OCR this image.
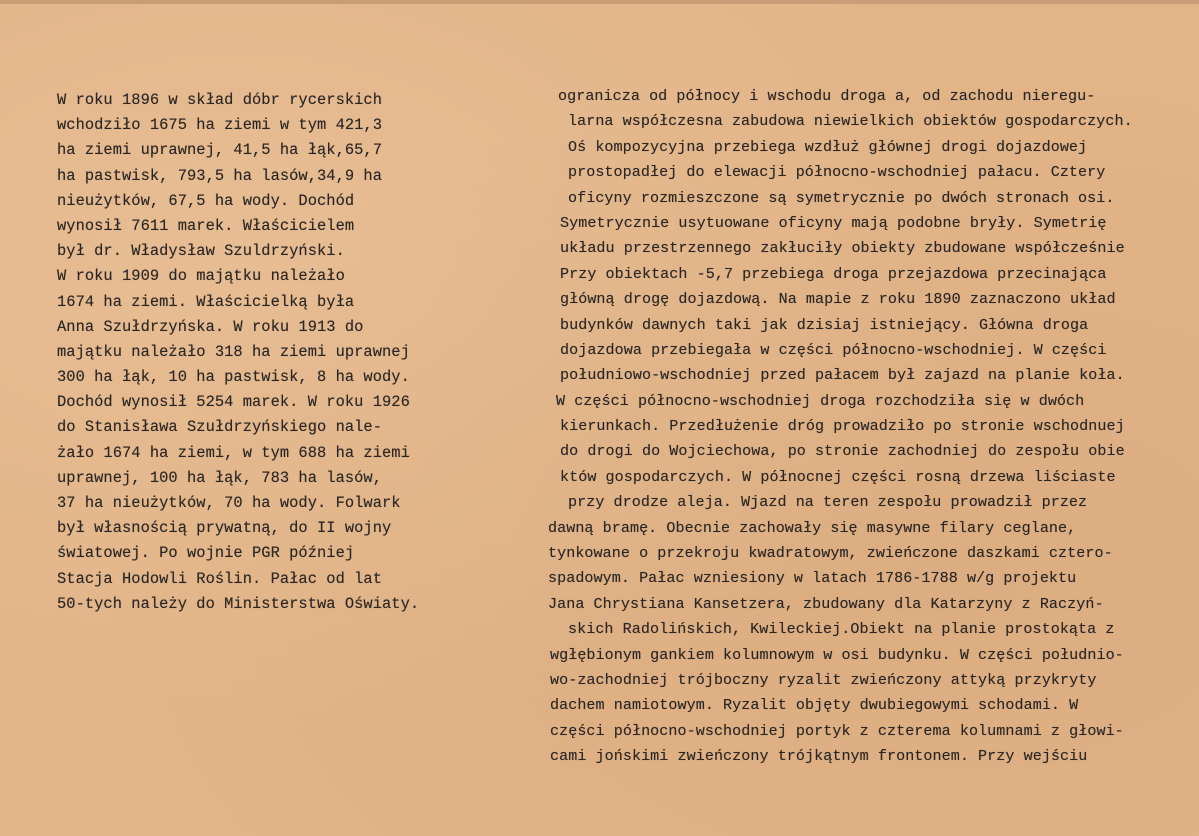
W roku 1896 w skład dóbr rycerskich
wchodziło 1675 ha ziemi w tym 421,3
ha ziemi uprawnej, 41,5 ha łąk,65,7
ha pastwisk, 793,5 ha lasów,34,9 ha
nieużytków, 67,5 ha wody. Dochód
wynosił 7611 marek. Właścicielem
był dr. Władysław Szuldrzyński.
W roku 1909 do majątku należało
1674 ha ziemi. Właścicielką była
Anna Szułdrzyńska. W roku 1913 do
majątku należało 318 ha ziemi uprawnej
300 ha łąk, 10 ha pastwisk, 8 ha wody.
Dochód wynosił 5254 marek. W roku 1926
do Stanisława Szułdrzyńskiego nale-
żało 1674 ha ziemi, w tym 688 ha ziemi
uprawnej, 100 ha łąk, 783 ha lasów,
37 ha nieużytków, 70 ha wody. Folwark
był własnością prywatną, do II wojny
światowej. Po wojnie PGR później
Stacja Hodowli Roślin. Pałac od lat
50-tych należy do Ministerstwa Oświaty.
ogranicza od północy i wschodu droga a, od zachodu nieregu-
larna współczesna zabudowa niewielkich obiektów gospodarczych.
Oś kompozycyjna przebiega wzdłuż głównej drogi dojazdowej
prostopadłej do elewacji północno-wschodniej pałacu. Cztery
oficyny rozmieszczone są symetrycznie po dwóch stronach osi.
Symetrycznie usytuowane oficyny mają podobne bryły. Symetrię
układu przestrzennego zakłuciły obiekty zbudowane współcześnie
Przy obiektach -5,7 przebiega droga przejazdowa przecinająca
główną drogę dojazdową. Na mapie z roku 1890 zaznaczono układ
budynków dawnych taki jak dzisiaj istniejący. Główna droga
dojazdowa przebiegała w części północno-wschodniej. W części
południowo-wschodniej przed pałacem był zajazd na planie koła.
W części północno-wschodniej droga rozchodziła się w dwóch
kierunkach. Przedłużenie dróg prowadziło po stronie wschodnuej
do drogi do Wojciechowa, po stronie zachodniej do zespołu obie
któw gospodarczych. W północnej części rosną drzewa liściaste
przy drodze aleja. Wjazd na teren zespołu prowadził przez
dawną bramę. Obecnie zachowały się masywne filary ceglane,
tynkowane o przekroju kwadratowym, zwieńczone daszkami cztero-
spadowym. Pałac wzniesiony w latach 1786-1788 w/g projektu
Jana Chrystiana Kansetzera, zbudowany dla Katarzyny z Raczyń-
skich Radolińskich, Kwileckiej.Obiekt na planie prostokąta z
wgłębionym gankiem kolumnowym w osi budynku. W części południo-
wo-zachodniej trójboczny ryzalit zwieńczony attyką przykryty
dachem namiotowym. Ryzalit objęty dwubiegowymi schodami. W
części północno-wschodniej portyk z czterema kolumnami z głowi-
cami jońskimi zwieńczony trójkątnym frontonem. Przy wejściu
